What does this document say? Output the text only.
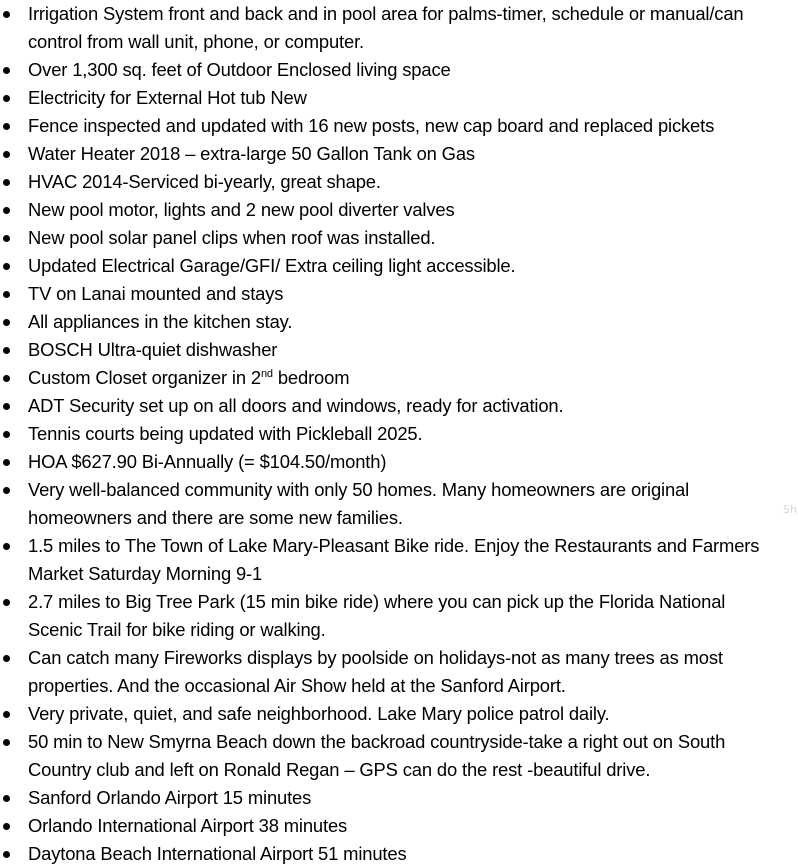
Irrigation System front and back and in pool area for palms-timer, schedule or manual/can
control from wall unit, phone, or computer.
Over 1,300 sq. feet of Outdoor Enclosed living space
Electricity for External Hot tub New
Fence inspected and updated with 16 new posts, new cap board and replaced pickets
Water Heater 2018 – extra-large 50 Gallon Tank on Gas
HVAC 2014-Serviced bi-yearly, great shape.
New pool motor, lights and 2 new pool diverter valves
New pool solar panel clips when roof was installed.
Updated Electrical Garage/GFI/ Extra ceiling light accessible.
TV on Lanai mounted and stays
All appliances in the kitchen stay.
BOSCH Ultra-quiet dishwasher
Custom Closet organizer in 2nd bedroom
ADT Security set up on all doors and windows, ready for activation.
Tennis courts being updated with Pickleball 2025.
HOA $627.90 Bi-Annually (= $104.50/month)
Very well-balanced community with only 50 homes. Many homeowners are original
homeowners and there are some new families.
1.5 miles to The Town of Lake Mary-Pleasant Bike ride. Enjoy the Restaurants and Farmers
Market Saturday Morning 9-1
2.7 miles to Big Tree Park (15 min bike ride) where you can pick up the Florida National
Scenic Trail for bike riding or walking.
Can catch many Fireworks displays by poolside on holidays-not as many trees as most
properties. And the occasional Air Show held at the Sanford Airport.
Very private, quiet, and safe neighborhood. Lake Mary police patrol daily.
50 min to New Smyrna Beach down the backroad countryside-take a right out on South
Country club and left on Ronald Regan – GPS can do the rest -beautiful drive.
Sanford Orlando Airport 15 minutes
Orlando International Airport 38 minutes
Daytona Beach International Airport 51 minutes
Sh
